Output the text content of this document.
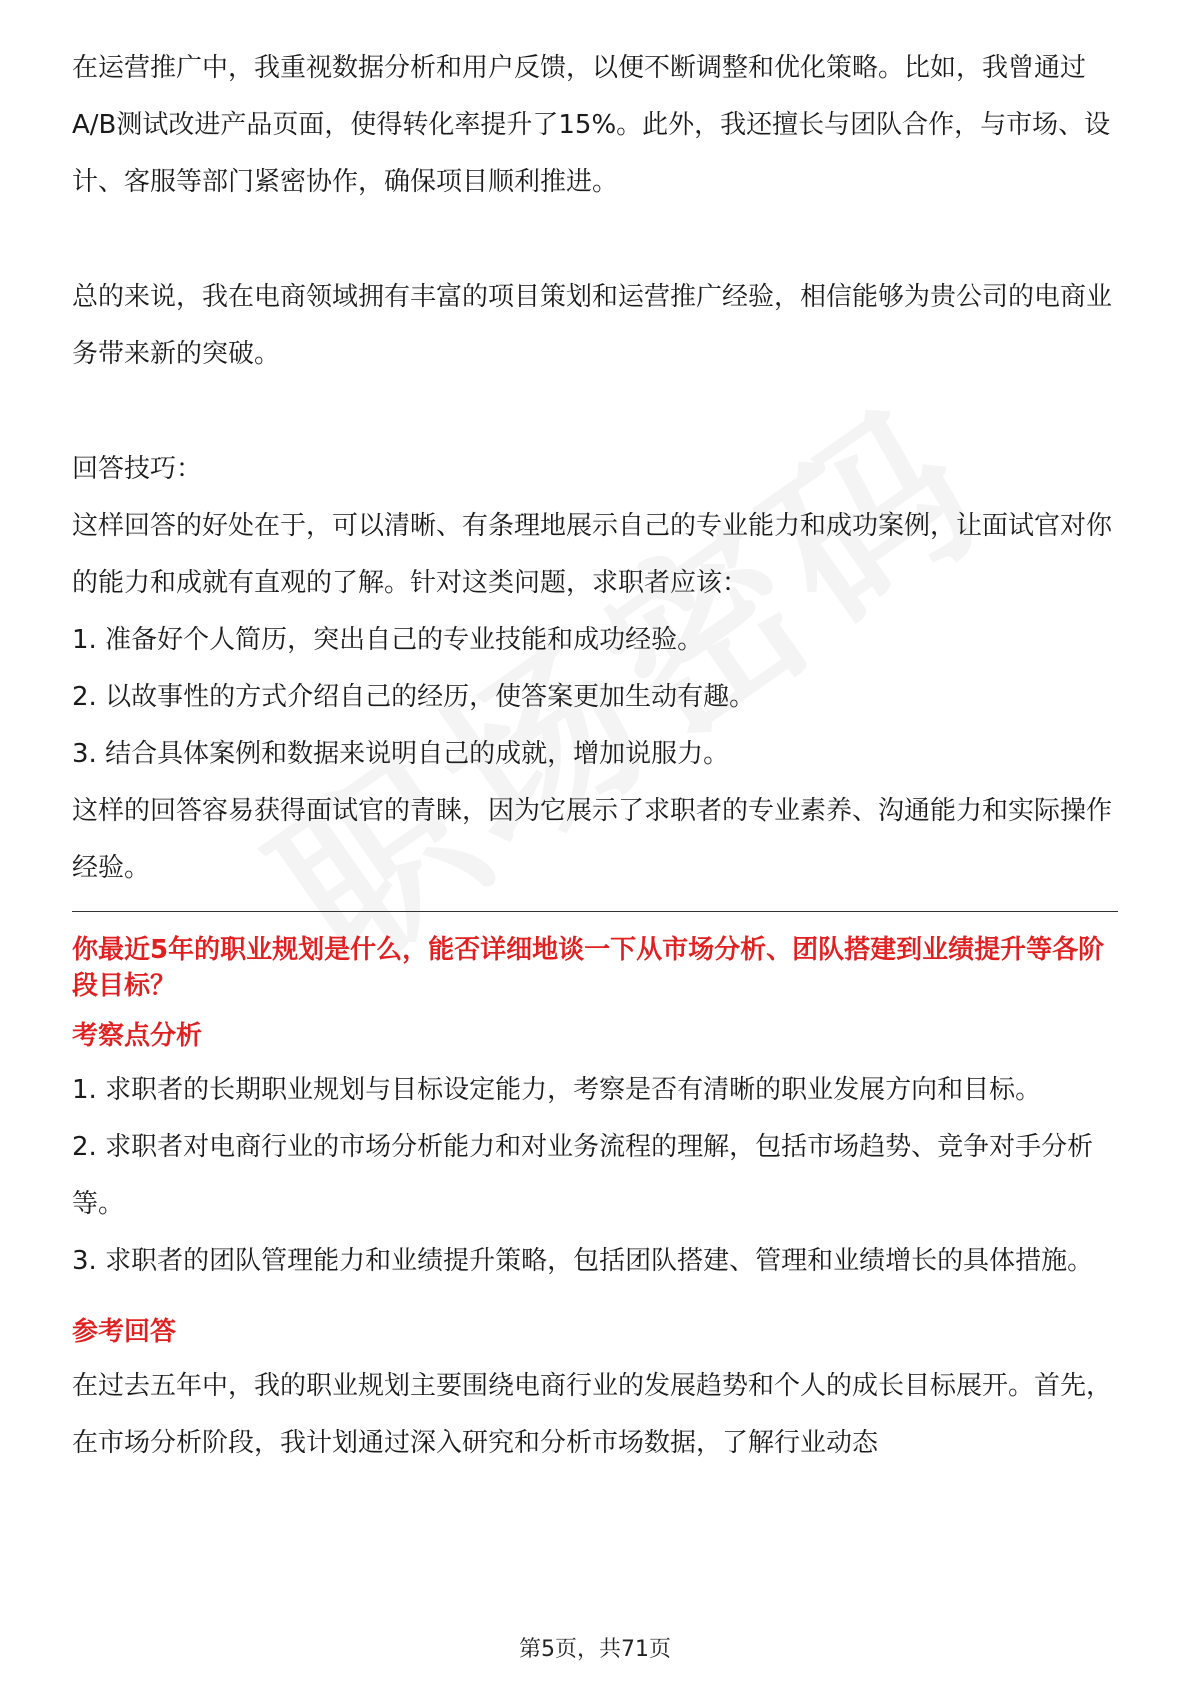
在运营推广中，我重视数据分析和用户反馈，以便不断调整和优化策略。比如，我曾通过A/B测试改进产品页面，使得转化率提升了15%。此外，我还擅长与团队合作，与市场、设计、客服等部门紧密协作，确保项目顺利推进。

总的来说，我在电商领域拥有丰富的项目策划和运营推广经验，相信能够为贵公司的电商业务带来新的突破。

回答技巧：

这样回答的好处在于，可以清晰、有条理地展示自己的专业能力和成功案例，让面试官对你的能力和成就有直观的了解。针对这类问题，求职者应该：

1. 准备好个人简历，突出自己的专业技能和成功经验。

2. 以故事性的方式介绍自己的经历，使答案更加生动有趣。

3. 结合具体案例和数据来说明自己的成就，增加说服力。

这样的回答容易获得面试官的青睐，因为它展示了求职者的专业素养、沟通能力和实际操作经验。

你最近5年的职业规划是什么，能否详细地谈一下从市场分析、团队搭建到业绩提升等各阶段目标？

考察点分析

1. 求职者的长期职业规划与目标设定能力，考察是否有清晰的职业发展方向和目标。

2. 求职者对电商行业的市场分析能力和对业务流程的理解，包括市场趋势、竞争对手分析等。

3. 求职者的团队管理能力和业绩提升策略，包括团队搭建、管理和业绩增长的具体措施。

参考回答

在过去五年中，我的职业规划主要围绕电商行业的发展趋势和个人的成长目标展开。首先，在市场分析阶段，我计划通过深入研究和分析市场数据，了解行业动态

第5页，共71页
